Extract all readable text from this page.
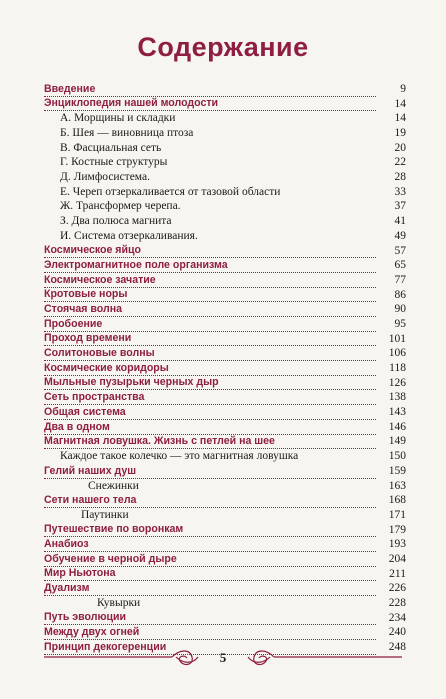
Содержание
Введение	9
Энциклопедия нашей молодости	14
А. Морщины и складки	14
Б. Шея — виновница птоза	19
В. Фасциальная сеть	20
Г. Костные структуры	22
Д. Лимфосистема.	28
Е. Череп отзеркаливается от тазовой области	33
Ж. Трансформер черепа.	37
З. Два полюса магнита	41
И. Система отзеркаливания.	49
Космическое яйцо	57
Электромагнитное поле организма	65
Космическое зачатие	77
Кротовые норы	86
Стоячая волна	90
Пробоение	95
Проход времени	101
Солитоновые волны	106
Космические коридоры	118
Мыльные пузырьки черных дыр	126
Сеть пространства	138
Общая система	143
Два в одном	146
Магнитная ловушка. Жизнь с петлей на шее	149
Каждое такое колечко — это магнитная ловушка	150
Гелий наших душ	159
Снежинки	163
Сети нашего тела	168
Паутинки	171
Путешествие по воронкам	179
Анабиоз	193
Обучение в черной дыре	204
Мир Ньютона	211
Дуализм	226
Кувырки	228
Путь эволюции	234
Между двух огней	240
Принцип декогеренции	248
5
